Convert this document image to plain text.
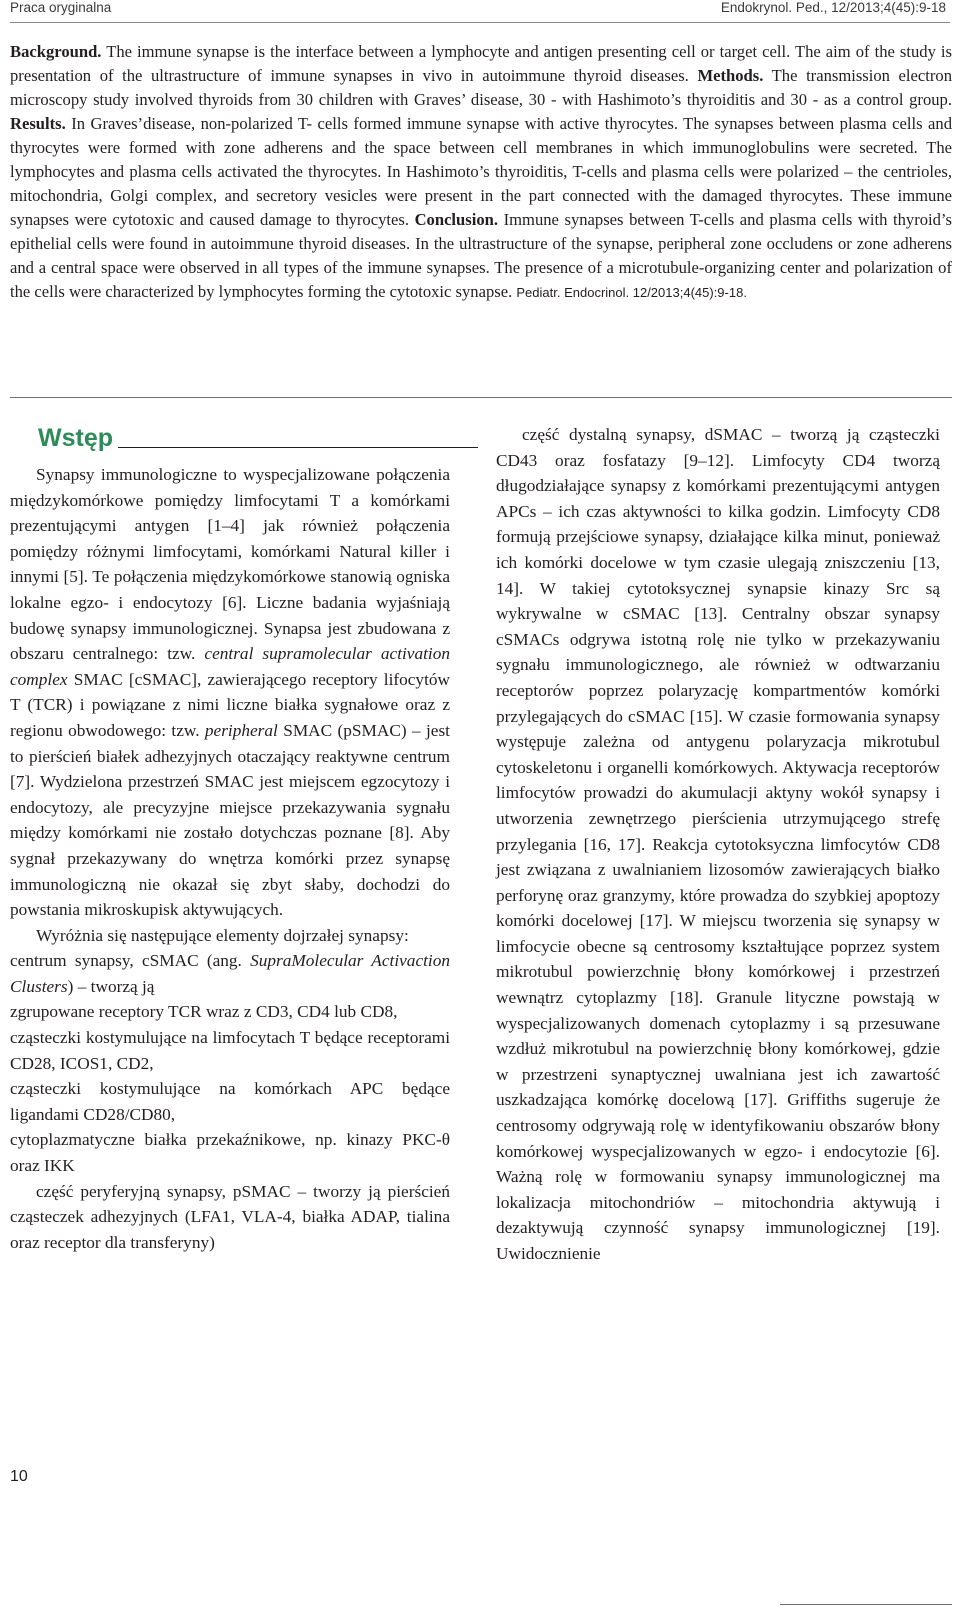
Praca oryginalna	Endokrynol. Ped., 12/2013;4(45):9-18
Background. The immune synapse is the interface between a lymphocyte and antigen presenting cell or target cell. The aim of the study is presentation of the ultrastructure of immune synapses in vivo in autoimmune thyroid diseases. Methods. The transmission electron microscopy study involved thyroids from 30 children with Graves’ disease, 30 - with Hashimoto’s thyroiditis and 30 - as a control group. Results. In Graves’disease, non-polarized T- cells formed immune synapse with active thyrocytes. The synapses between plasma cells and thyrocytes were formed with zone adherens and the space between cell membranes in which immunoglobulins were secreted. The lymphocytes and plasma cells activated the thyrocytes. In Hashimoto’s thyroiditis, T-cells and plasma cells were polarized – the centrioles, mitochondria, Golgi complex, and secretory vesicles were present in the part connected with the damaged thyrocytes. These immune synapses were cytotoxic and caused damage to thyrocytes. Conclusion. Immune synapses between T-cells and plasma cells with thyroid’s epithelial cells were found in autoimmune thyroid diseases. In the ultrastructure of the synapse, peripheral zone occludens or zone adherens and a central space were observed in all types of the immune synapses. The presence of a microtubule-organizing center and polarization of the cells were characterized by lymphocytes forming the cytotoxic synapse. Pediatr. Endocrinol. 12/2013;4(45):9-18.
Wstęp

Synapsy immunologiczne to wyspecjalizowane połączenia międzykomórkowe pomiędzy limfocytami T a komórkami prezentującymi antygen [1–4] jak również połączenia pomiędzy różnymi limfocytami, komórkami Natural killer i innymi [5]. Te połączenia międzykomórkowe stanowią ogniska lokalne egzo- i endocytozy [6]. Liczne badania wyjaśniają budowę synapsy immunologicznej. Synapsa jest zbudowana z obszaru centralnego: tzw. central supramolecular activation complex SMAC [cSMAC], zawierającego receptory lifocytów T (TCR) i powiązane z nimi liczne białka sygnałowe oraz z regionu obwodowego: tzw. peripheral SMAC (pSMAC) – jest to pierścień białek adhezyjnych otaczający reaktywne centrum [7]. Wydzielona przestrzeń SMAC jest miejscem egzocytozy i endocytozy, ale precyzyjne miejsce przekazywania sygnału między komórkami nie zostało dotychczas poznane [8]. Aby sygnał przekazywany do wnętrza komórki przez synapsę immunologiczną nie okazał się zbyt słaby, dochodzi do powstania mikroskupisk aktywujących.

Wyróżnia się następujące elementy dojrzałej synapsy:

centrum synapsy, cSMAC (ang. SupraMolecular Activaction Clusters) – tworzą ją

zgrupowane receptory TCR wraz z CD3, CD4 lub CD8,

cząsteczki kostymulujące na limfocytach T będące receptorami CD28, ICOS1, CD2,

cząsteczki kostymulujące na komórkach APC będące ligandami CD28/CD80,

cytoplazmatyczne białka przekaźnikowe, np. kinazy PKC-θ oraz IKK

część peryferyjną synapsy, pSMAC – tworzy ją pierścień cząsteczek adhezyjnych (LFA1, VLA-4, białka ADAP, tialina oraz receptor dla transferyny)

część dystalną synapsy, dSMAC – tworzą ją cząsteczki CD43 oraz fosfatazy [9–12]. Limfocyty CD4 tworzą długodziałające synapsy z komórkami prezentującymi antygen APCs – ich czas aktywności to kilka godzin. Limfocyty CD8 formują przejściowe synapsy, działające kilka minut, ponieważ ich komórki docelowe w tym czasie ulegają zniszczeniu [13, 14]. W takiej cytotoksycznej synapsie kinazy Src są wykrywalne w cSMAC [13]. Centralny obszar synapsy cSMACs odgrywa istotną rolę nie tylko w przekazywaniu sygnału immunologicznego, ale również w odtwarzaniu receptorów poprzez polaryzację kompartmentów komórki przylegających do cSMAC [15]. W czasie formowania synapsy występuje zależna od antygenu polaryzacja mikrotubul cytoskeletonu i organelli komórkowych. Aktywacja receptorów limfocytów prowadzi do akumulacji aktyny wokół synapsy i utworzenia zewnętrzego pierścienia utrzymującego strefę przylegania [16, 17]. Reakcja cytotoksyczna limfocytów CD8 jest związana z uwalnianiem lizosomów zawierających białko perforynę oraz granzymy, które prowadza do szybkiej apoptozy komórki docelowej [17]. W miejscu tworzenia się synapsy w limfocycie obecne są centrosomy kształtujące poprzez system mikrotubul powierzchnię błony komórkowej i przestrzeń wewnątrz cytoplazmy [18]. Granule lityczne powstają w wyspecjalizowanych domenach cytoplazmy i są przesuwane wzdłuż mikrotubul na powierzchnię błony komórkowej, gdzie w przestrzeni synaptycznej uwalniana jest ich zawartość uszkadzająca komórkę docelową [17]. Griffiths sugeruje że centrosomy odgrywają rolę w identyfikowaniu obszarów błony komórkowej wyspecjalizowanych w egzo- i endocytozie [6]. Ważną rolę w formowaniu synapsy immunologicznej ma lokalizacja mitochondriów – mitochondria aktywują i dezaktywują czynność synapsy immunologicznej [19]. Uwidocznienie

10
